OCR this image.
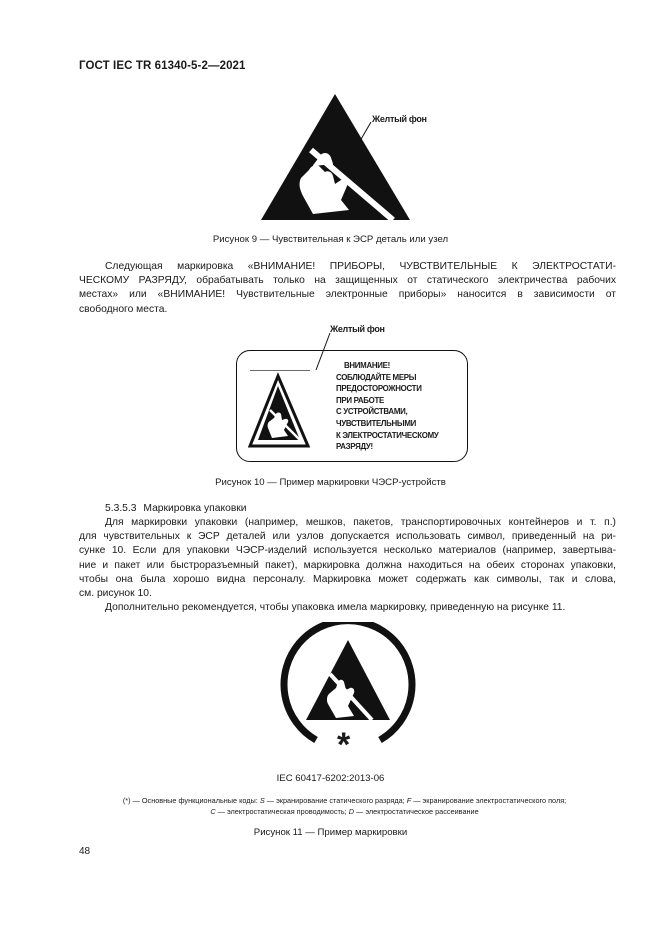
ГОСТ IEC TR 61340-5-2—2021
Желтый фон
Рисунок 9 — Чувствительная к ЭСР деталь или узел
Следующая маркировка «ВНИМАНИЕ! ПРИБОРЫ, ЧУВСТВИТЕЛЬНЫЕ К ЭЛЕКТРОСТАТИ-
ЧЕСКОМУ РАЗРЯДУ, обрабатывать только на защищенных от статического электричества рабочих
местах» или «ВНИМАНИЕ! Чувствительные электронные приборы» наносится в зависимости от
свободного места.
Желтый фон
ВНИМАНИЕ!
СОБЛЮДАЙТЕ МЕРЫ
ПРЕДОСТОРОЖНОСТИ
ПРИ РАБОТЕ
С УСТРОЙСТВАМИ,
ЧУВСТВИТЕЛЬНЫМИ
К ЭЛЕКТРОСТАТИЧЕСКОМУ
РАЗРЯДУ!
Рисунок 10 — Пример маркировки ЧЭСР-устройств
5.3.5.3 Маркировка упаковки
Для маркировки упаковки (например, мешков, пакетов, транспортировочных контейнеров и т. п.)
для чувствительных к ЭСР деталей или узлов допускается использовать символ, приведенный на ри-
сунке 10. Если для упаковки ЧЭСР-изделий используется несколько материалов (например, завертыва-
ние и пакет или быстроразъемный пакет), маркировка должна находиться на обеих сторонах упаковки,
чтобы она была хорошо видна персоналу. Маркировка может содержать как символы, так и слова,
см. рисунок 10.
Дополнительно рекомендуется, чтобы упаковка имела маркировку, приведенную на рисунке 11.
*
IEC 60417-6202:2013-06
(*) — Основные функциональные коды: S — экранирование статического разряда; F — экранирование электростатического поля;
C — электростатическая проводимость; D — электростатическое рассеивание
Рисунок 11 — Пример маркировки
48
